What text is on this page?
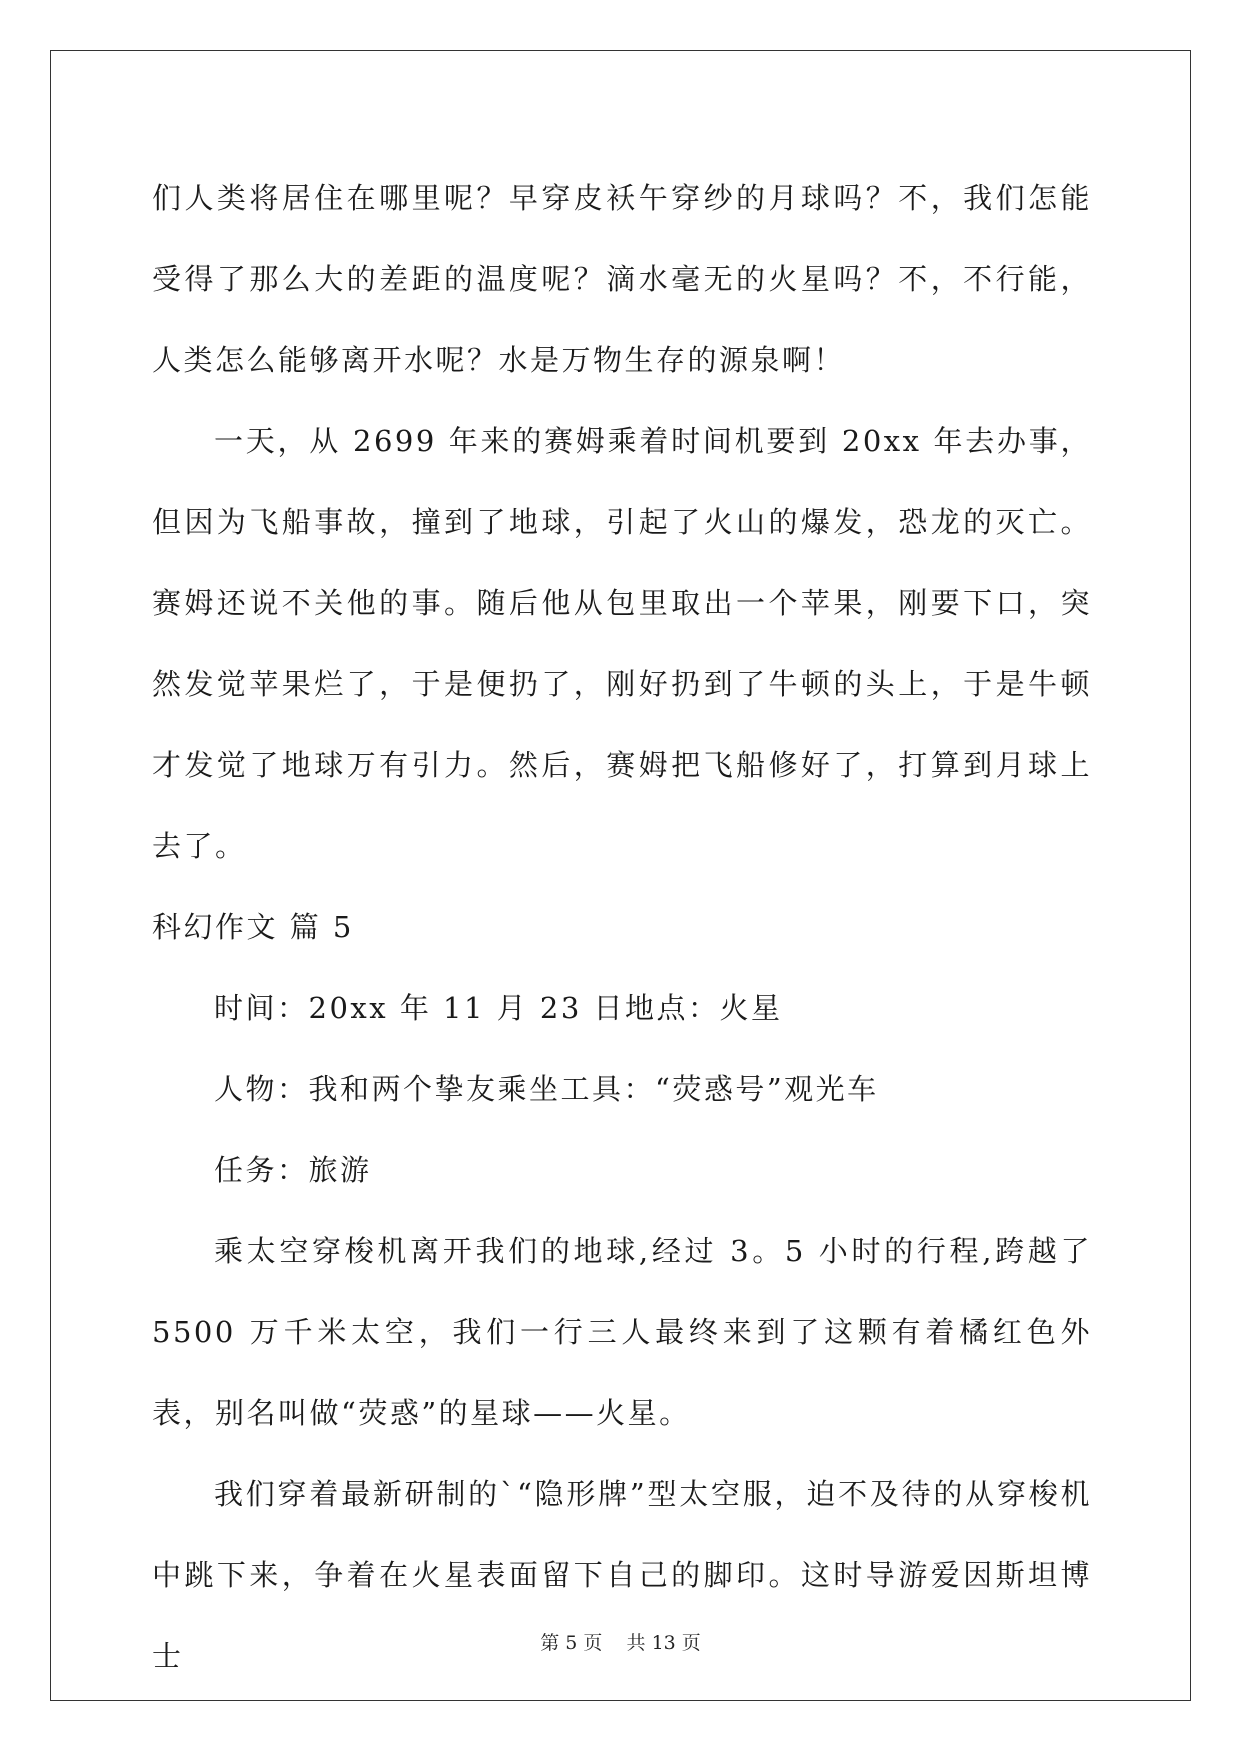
们人类将居住在哪里呢？早穿皮袄午穿纱的月球吗？不，我们怎能受得了那么大的差距的温度呢？滴水毫无的火星吗？不，不行能，人类怎么能够离开水呢？水是万物生存的源泉啊！

一天，从 2699 年来的赛姆乘着时间机要到 20xx 年去办事，但因为飞船事故，撞到了地球，引起了火山的爆发，恐龙的灭亡。赛姆还说不关他的事。随后他从包里取出一个苹果，刚要下口，突然发觉苹果烂了，于是便扔了，刚好扔到了牛顿的头上，于是牛顿才发觉了地球万有引力。然后，赛姆把飞船修好了，打算到月球上去了。

科幻作文 篇 5

时间：20xx 年 11 月 23 日地点：火星

人物：我和两个挚友乘坐工具：“荧惑号”观光车

任务：旅游

乘太空穿梭机离开我们的地球,经过 3。5 小时的行程,跨越了 5500 万千米太空，我们一行三人最终来到了这颗有着橘红色外表，别名叫做“荧惑”的星球——火星。

我们穿着最新研制的`“隐形牌”型太空服，迫不及待的从穿梭机中跳下来，争着在火星表面留下自己的脚印。这时导游爱因斯坦博士	第 5 页    共 13 页
